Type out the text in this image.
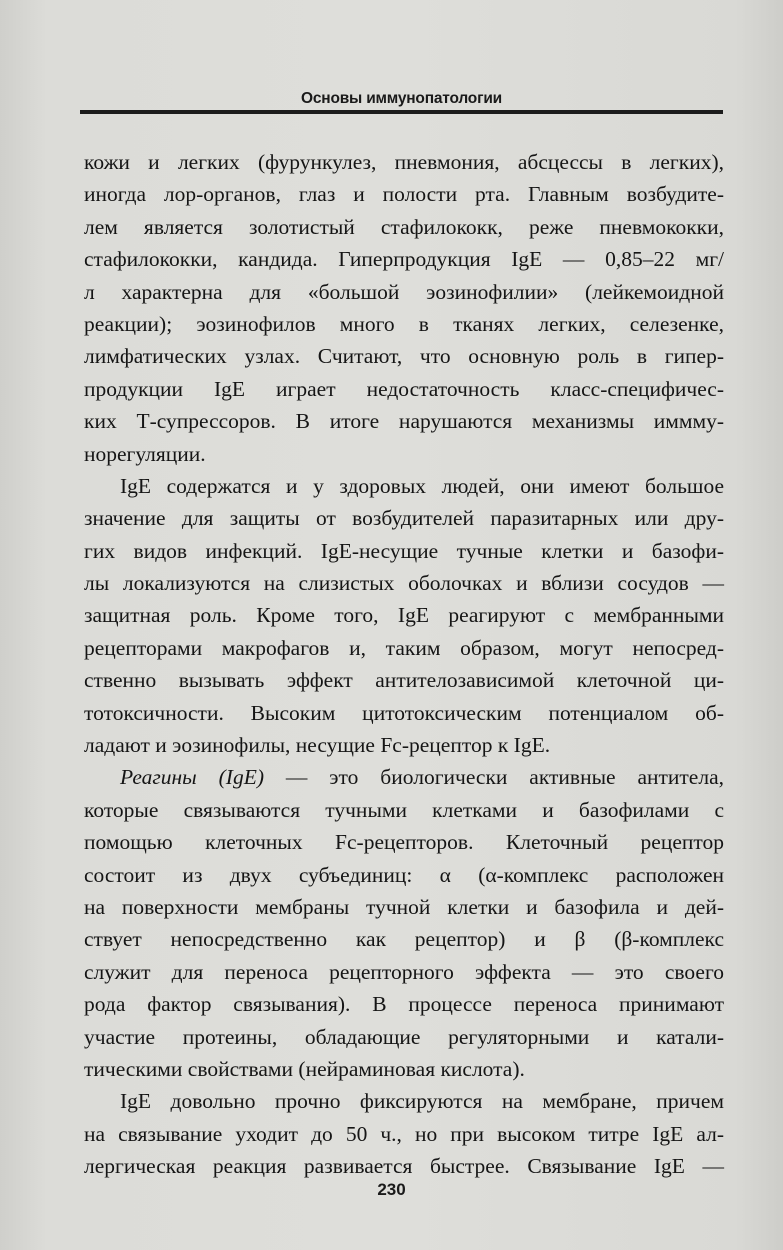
Основы иммунопатологии
кожи и легких (фурункулез, пневмония, абсцессы в легких),
иногда лор-органов, глаз и полости рта. Главным возбудите-
лем является золотистый стафилококк, реже пневмококки,
стафилококки, кандида. Гиперпродукция IgE — 0,85–22 мг/
л характерна для «большой эозинофилии» (лейкемоидной
реакции); эозинофилов много в тканях легких, селезенке,
лимфатических узлах. Считают, что основную роль в гипер-
продукции IgE играет недостаточность класс-специфичес-
ких Т-супрессоров. В итоге нарушаются механизмы иммму-
норегуляции.
IgE содержатся и у здоровых людей, они имеют большое
значение для защиты от возбудителей паразитарных или дру-
гих видов инфекций. IgE-несущие тучные клетки и базофи-
лы локализуются на слизистых оболочках и вблизи сосудов —
защитная роль. Кроме того, IgE реагируют с мембранными
рецепторами макрофагов и, таким образом, могут непосред-
ственно вызывать эффект антителозависимой клеточной ци-
тотоксичности. Высоким цитотоксическим потенциалом об-
ладают и эозинофилы, несущие Fc-рецептор к IgE.
Реагины (IgE) — это биологически активные антитела,
которые связываются тучными клетками и базофилами с
помощью клеточных Fc-рецепторов. Клеточный рецептор
состоит из двух субъединиц: α (α-комплекс расположен
на поверхности мембраны тучной клетки и базофила и дей-
ствует непосредственно как рецептор) и β (β-комплекс
служит для переноса рецепторного эффекта — это своего
рода фактор связывания). В процессе переноса принимают
участие протеины, обладающие регуляторными и катали-
тическими свойствами (нейраминовая кислота).
IgE довольно прочно фиксируются на мембране, причем
на связывание уходит до 50 ч., но при высоком титре IgE ал-
лергическая реакция развивается быстрее. Связывание IgE —
230
